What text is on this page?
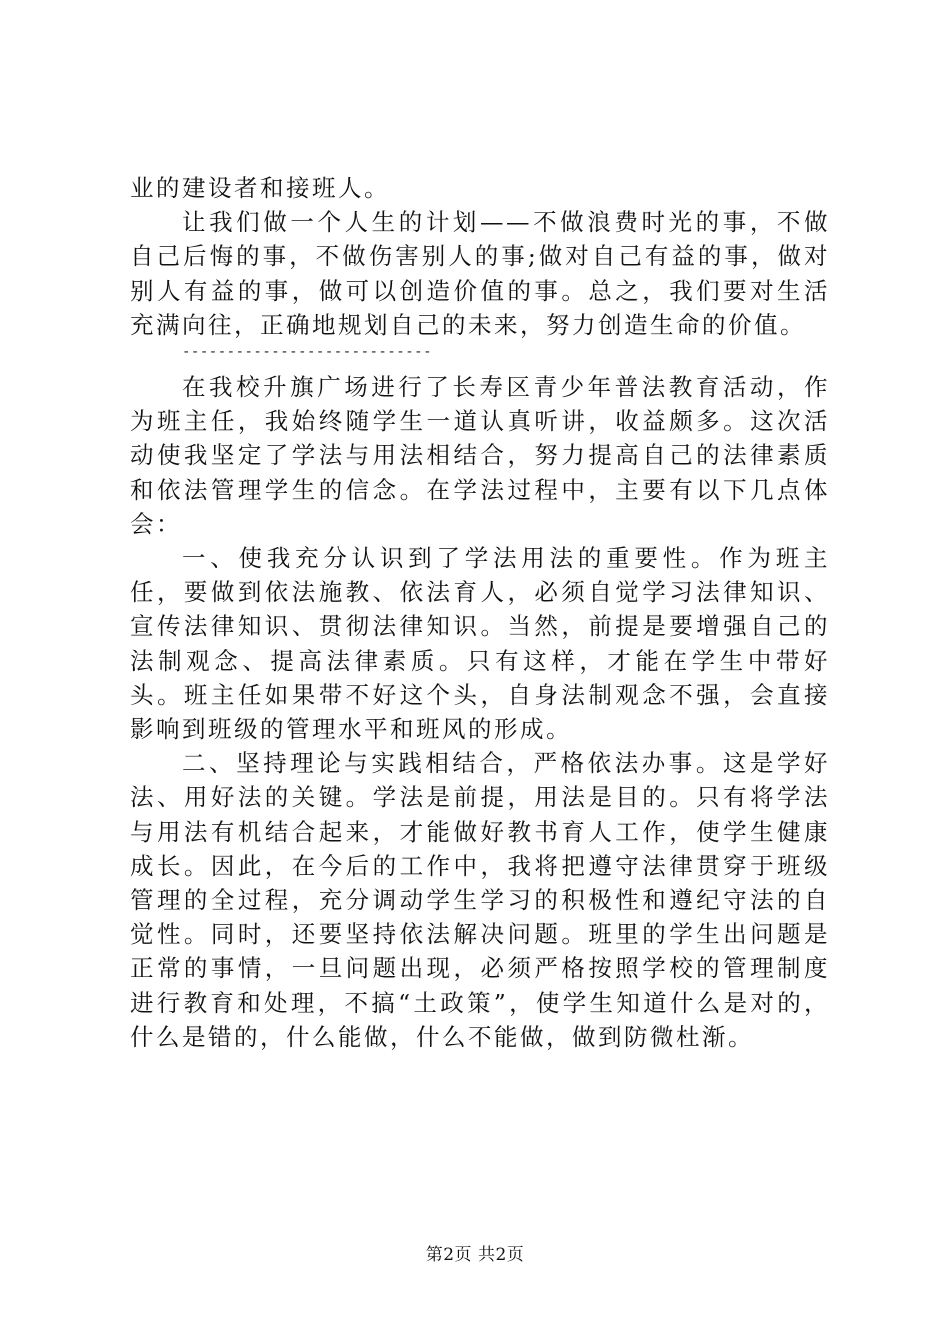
业的建设者和接班人。

让我们做一个人生的计划——不做浪费时光的事，不做自己后悔的事，不做伤害别人的事;做对自己有益的事，做对别人有益的事，做可以创造价值的事。总之，我们要对生活充满向往，正确地规划自己的未来，努力创造生命的价值。

----------------------------

在我校升旗广场进行了长寿区青少年普法教育活动，作为班主任，我始终随学生一道认真听讲，收益颇多。这次活动使我坚定了学法与用法相结合，努力提高自己的法律素质和依法管理学生的信念。在学法过程中，主要有以下几点体会：

一、使我充分认识到了学法用法的重要性。作为班主任，要做到依法施教、依法育人，必须自觉学习法律知识、宣传法律知识、贯彻法律知识。当然，前提是要增强自己的法制观念、提高法律素质。只有这样，才能在学生中带好头。班主任如果带不好这个头，自身法制观念不强，会直接影响到班级的管理水平和班风的形成。

二、坚持理论与实践相结合，严格依法办事。这是学好法、用好法的关键。学法是前提，用法是目的。只有将学法与用法有机结合起来，才能做好教书育人工作，使学生健康成长。因此，在今后的工作中，我将把遵守法律贯穿于班级管理的全过程，充分调动学生学习的积极性和遵纪守法的自觉性。同时，还要坚持依法解决问题。班里的学生出问题是正常的事情，一旦问题出现，必须严格按照学校的管理制度进行教育和处理，不搞“土政策”，使学生知道什么是对的，什么是错的，什么能做，什么不能做，做到防微杜渐。

第2页 共2页
